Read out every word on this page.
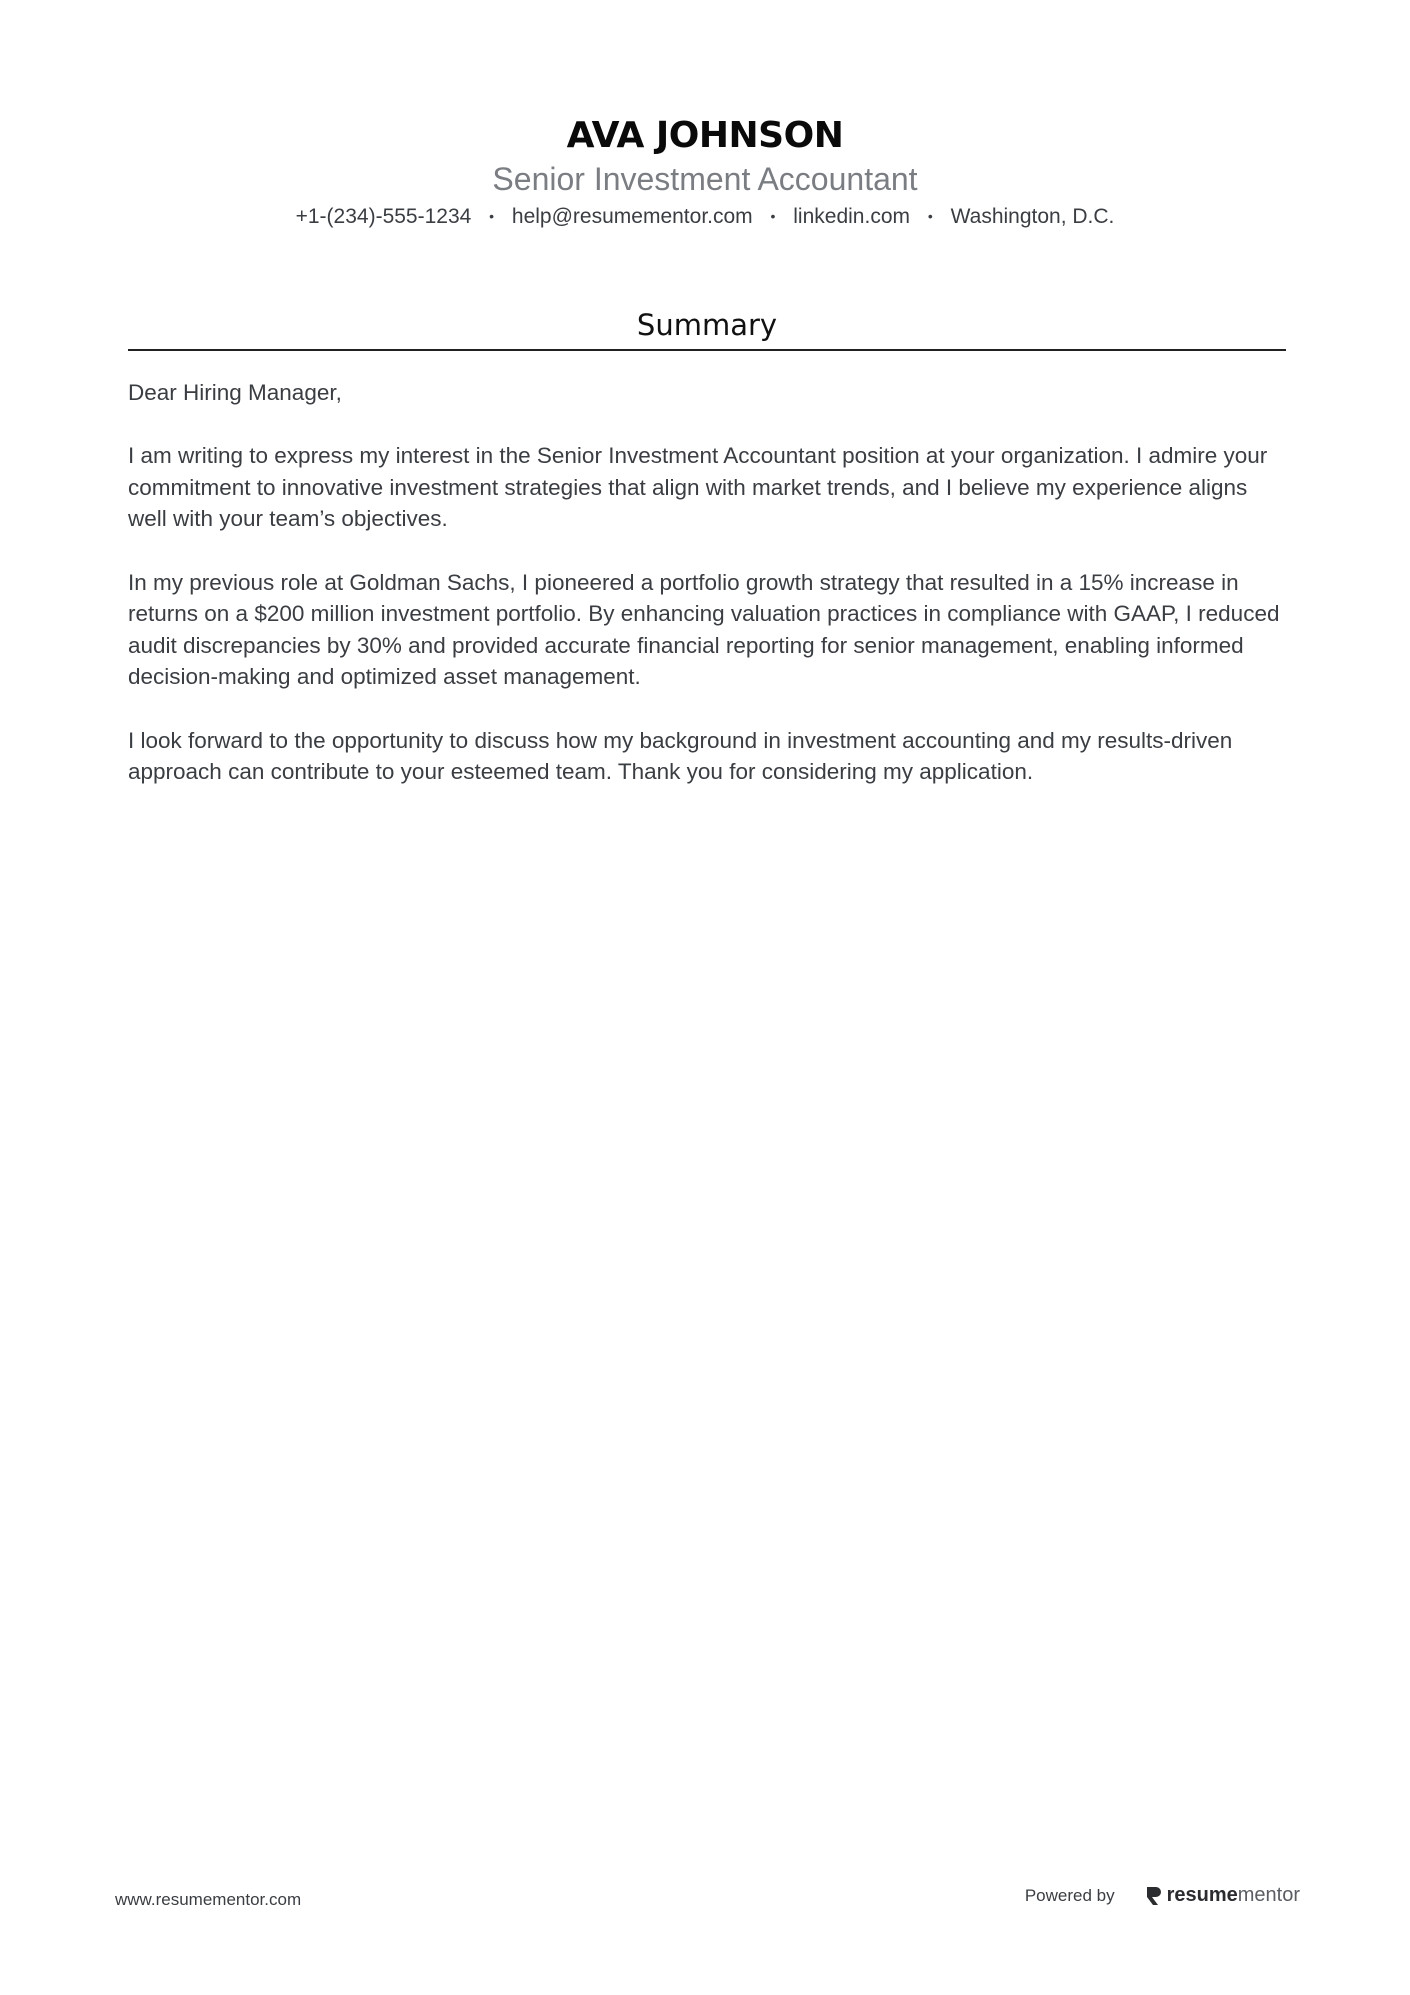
AVA JOHNSON
Senior Investment Accountant
+1-(234)-555-1234 • help@resumementor.com • linkedin.com • Washington, D.C.
Summary

Dear Hiring Manager,

I am writing to express my interest in the Senior Investment Accountant position at your organization. I admire your commitment to innovative investment strategies that align with market trends, and I believe my experience aligns well with your team’s objectives.

In my previous role at Goldman Sachs, I pioneered a portfolio growth strategy that resulted in a 15% increase in returns on a $200 million investment portfolio. By enhancing valuation practices in compliance with GAAP, I reduced audit discrepancies by 30% and provided accurate financial reporting for senior management, enabling informed decision-making and optimized asset management.

I look forward to the opportunity to discuss how my background in investment accounting and my results-driven approach can contribute to your esteemed team. Thank you for considering my application.

www.resumementor.com	Powered by	resume mentor
